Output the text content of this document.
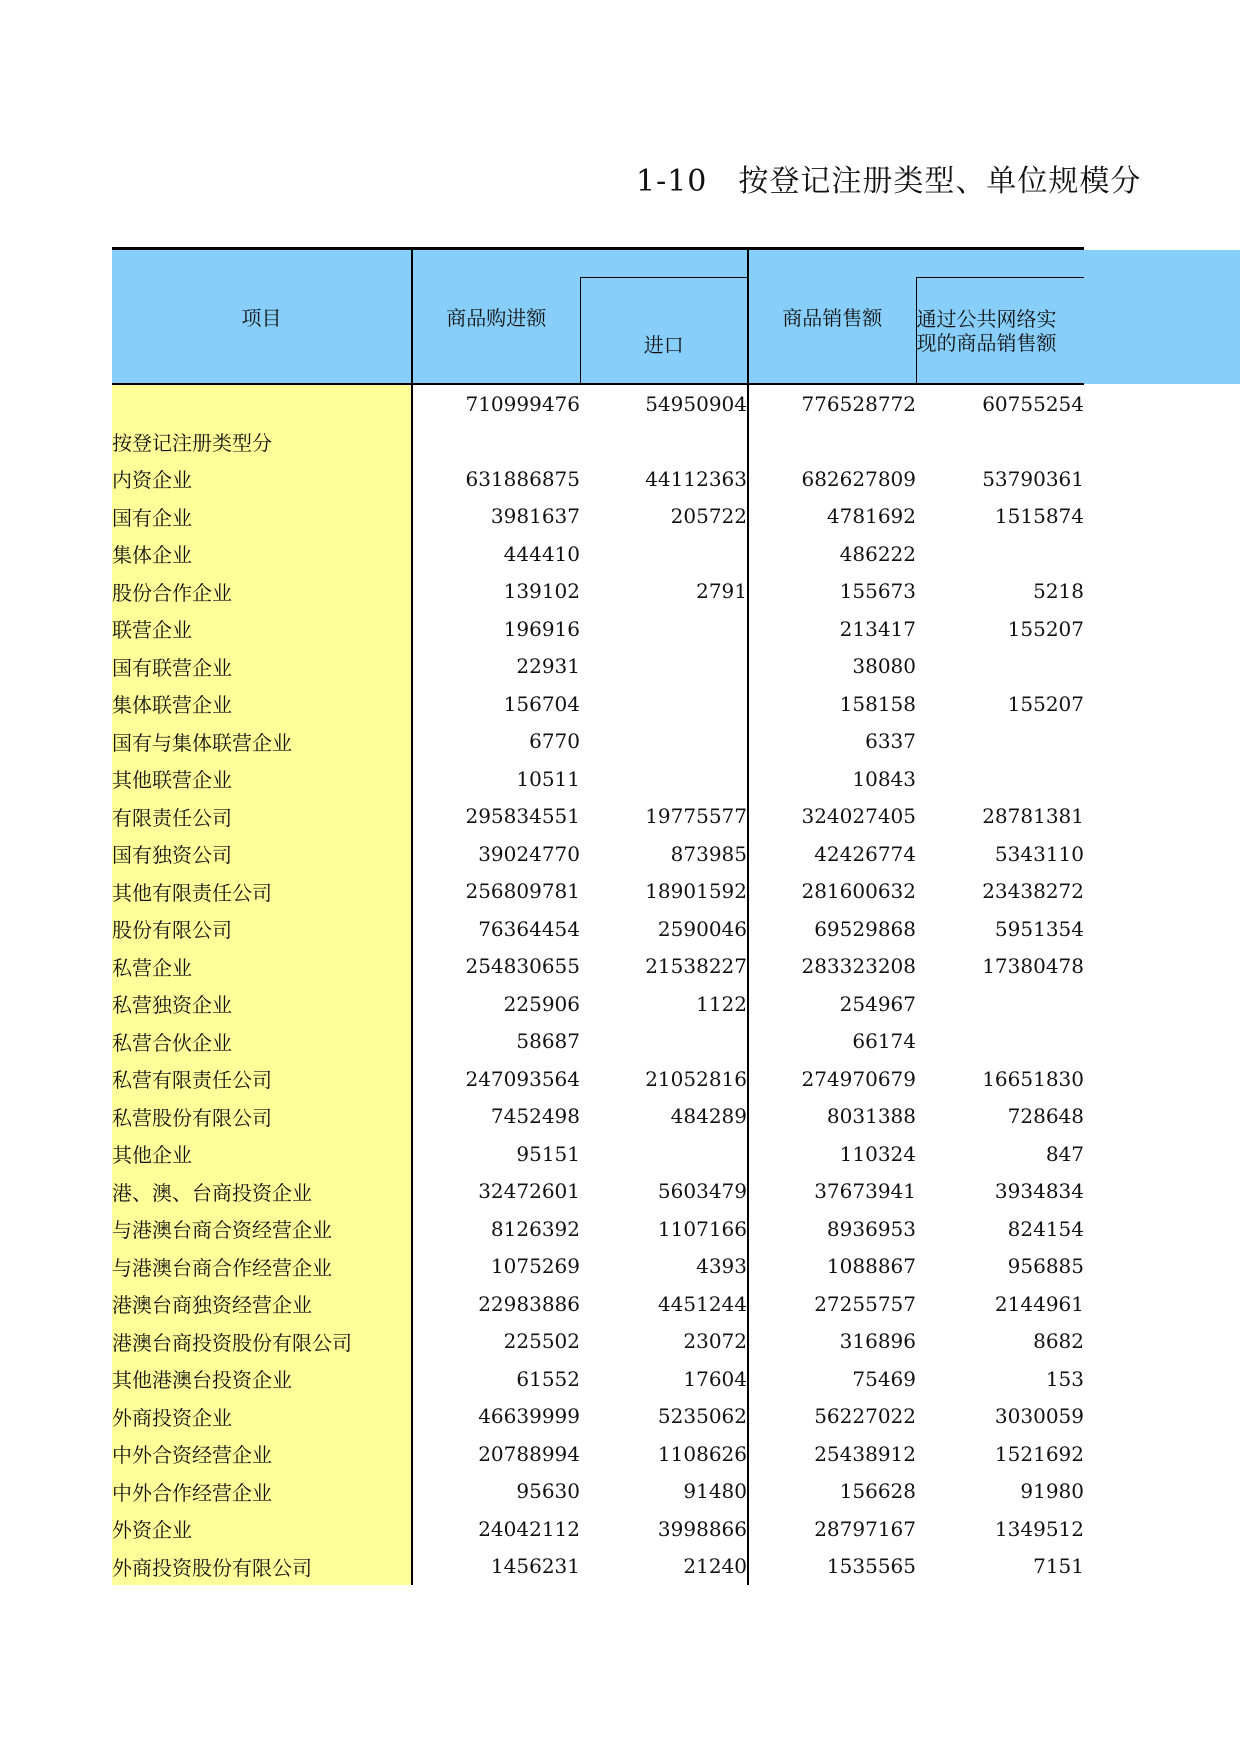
1-10　按登记注册类型、单位规模分
项目	商品购进额		商品销售额	
		进口		通过公共网络实
现的商品销售额
	710999476	54950904	776528772	60755254
按登记注册类型分				
内资企业	631886875	44112363	682627809	53790361
国有企业	3981637	205722	4781692	1515874
集体企业	444410		486222	
股份合作企业	139102	2791	155673	5218
联营企业	196916		213417	155207
国有联营企业	22931		38080	
集体联营企业	156704		158158	155207
国有与集体联营企业	6770		6337	
其他联营企业	10511		10843	
有限责任公司	295834551	19775577	324027405	28781381
国有独资公司	39024770	873985	42426774	5343110
其他有限责任公司	256809781	18901592	281600632	23438272
股份有限公司	76364454	2590046	69529868	5951354
私营企业	254830655	21538227	283323208	17380478
私营独资企业	225906	1122	254967	
私营合伙企业	58687		66174	
私营有限责任公司	247093564	21052816	274970679	16651830
私营股份有限公司	7452498	484289	8031388	728648
其他企业	95151		110324	847
港、澳、台商投资企业	32472601	5603479	37673941	3934834
与港澳台商合资经营企业	8126392	1107166	8936953	824154
与港澳台商合作经营企业	1075269	4393	1088867	956885
港澳台商独资经营企业	22983886	4451244	27255757	2144961
港澳台商投资股份有限公司	225502	23072	316896	8682
其他港澳台投资企业	61552	17604	75469	153
外商投资企业	46639999	5235062	56227022	3030059
中外合资经营企业	20788994	1108626	25438912	1521692
中外合作经营企业	95630	91480	156628	91980
外资企业	24042112	3998866	28797167	1349512
外商投资股份有限公司	1456231	21240	1535565	7151
